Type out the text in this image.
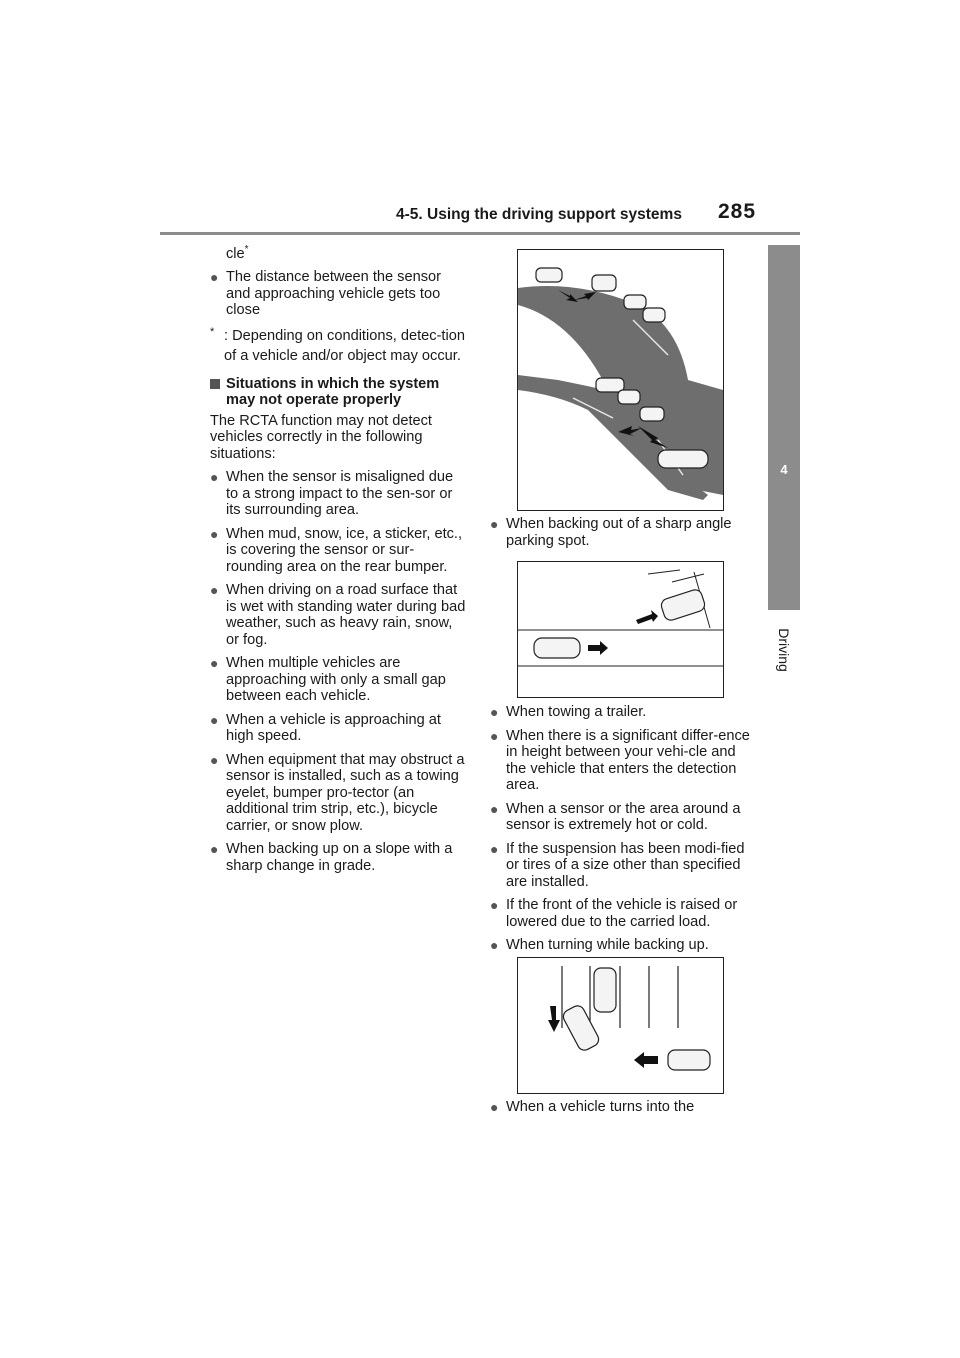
4-5. Using the driving support systems 285
4
Driving

cle*

● The distance between the sensor and approaching vehicle gets too close

* : Depending on conditions, detec-tion of a vehicle and/or object may occur.

Situations in which the system may not operate properly

The RCTA function may not detect vehicles correctly in the following situations:

● When the sensor is misaligned due to a strong impact to the sen-sor or its surrounding area.

● When mud, snow, ice, a sticker, etc., is covering the sensor or sur-rounding area on the rear bumper.

● When driving on a road surface that is wet with standing water during bad weather, such as heavy rain, snow, or fog.

● When multiple vehicles are approaching with only a small gap between each vehicle.

● When a vehicle is approaching at high speed.

● When equipment that may obstruct a sensor is installed, such as a towing eyelet, bumper pro-tector (an additional trim strip, etc.), bicycle carrier, or snow plow.

● When backing up on a slope with a sharp change in grade.

● When backing out of a sharp angle parking spot.

● When towing a trailer.

● When there is a significant differ-ence in height between your vehi-cle and the vehicle that enters the detection area.

● When a sensor or the area around a sensor is extremely hot or cold.

● If the suspension has been modi-fied or tires of a size other than specified are installed.

● If the front of the vehicle is raised or lowered due to the carried load.

● When turning while backing up.

● When a vehicle turns into the
